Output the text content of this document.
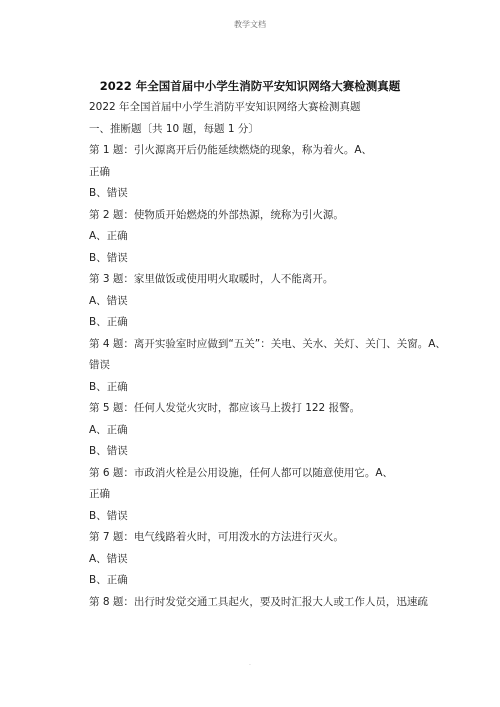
教学文档
2022 年全国首届中小学生消防平安知识网络大赛检测真题
2022 年全国首届中小学生消防平安知识网络大赛检测真题
一、推断题〔共 10 题，每题 1 分〕
第 1 题：引火源离开后仍能延续燃烧的现象，称为着火。A、
正确
B、错误
第 2 题：使物质开始燃烧的外部热源，统称为引火源。
A、正确
B、错误
第 3 题：家里做饭或使用明火取暖时，人不能离开。
A、错误
B、正确
第 4 题：离开实验室时应做到“五关”：关电、关水、关灯、关门、关窗。A、
错误
B、正确
第 5 题：任何人发觉火灾时，都应该马上拨打 122 报警。
A、正确
B、错误
第 6 题：市政消火栓是公用设施，任何人都可以随意使用它。A、
正确
B、错误
第 7 题：电气线路着火时，可用泼水的方法进行灭火。
A、错误
B、正确
第 8 题：出行时发觉交通工具起火，要及时汇报大人或工作人员，迅速疏
.
